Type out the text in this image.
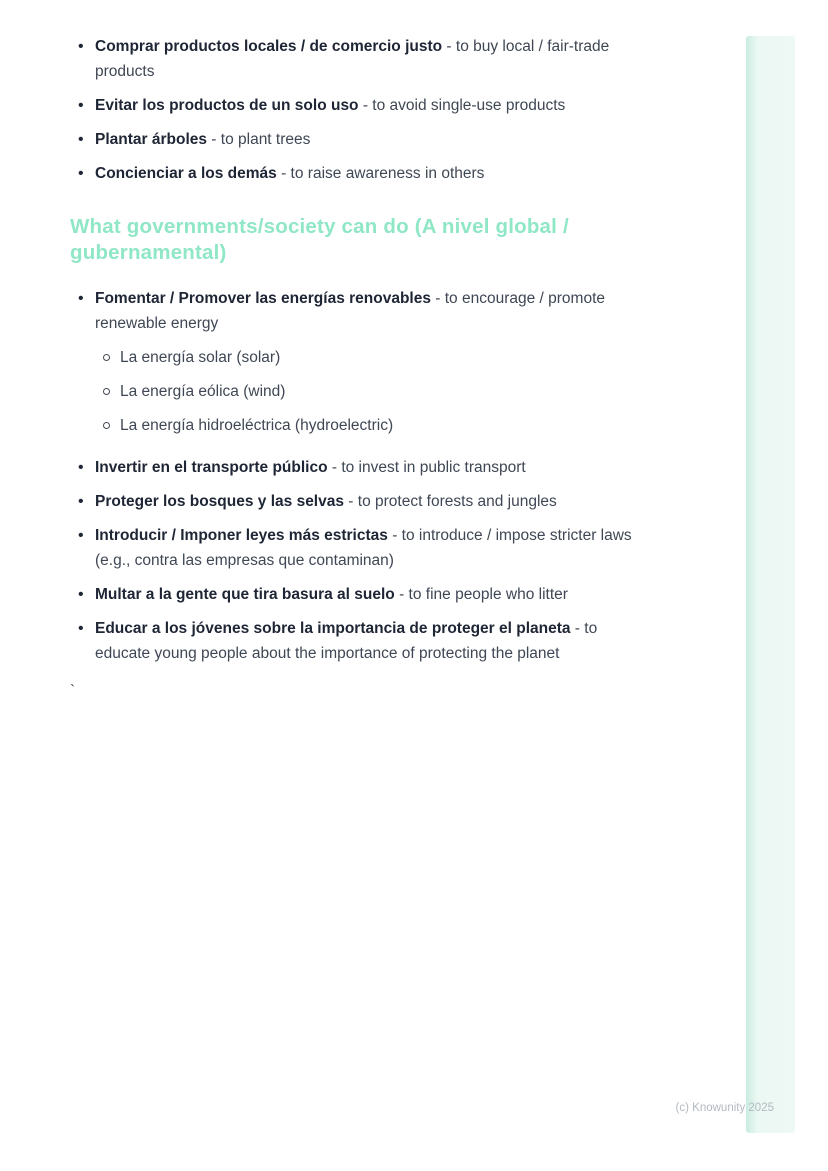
• Comprar productos locales / de comercio justo - to buy local / fair-trade products
• Evitar los productos de un solo uso - to avoid single-use products
• Plantar árboles - to plant trees
• Concienciar a los demás - to raise awareness in others
What governments/society can do (A nivel global / gubernamental)
• Fomentar / Promover las energías renovables - to encourage / promote renewable energy
La energía solar (solar)
La energía eólica (wind)
La energía hidroeléctrica (hydroelectric)
• Invertir en el transporte público - to invest in public transport
• Proteger los bosques y las selvas - to protect forests and jungles
• Introducir / Imponer leyes más estrictas - to introduce / impose stricter laws (e.g., contra las empresas que contaminan)
• Multar a la gente que tira basura al suelo - to fine people who litter
• Educar a los jóvenes sobre la importancia de proteger el planeta - to educate young people about the importance of protecting the planet

`

(c) Knowunity 2025
